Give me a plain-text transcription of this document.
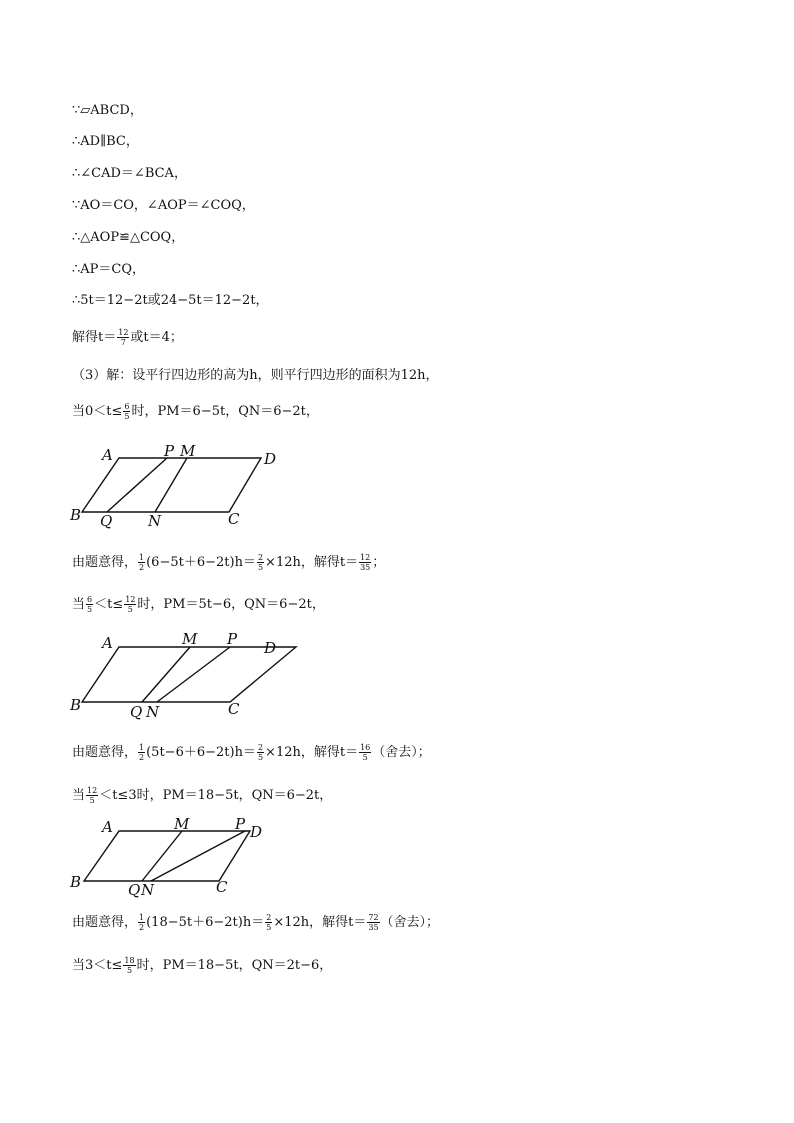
∵▱ABCD，
∴AD∥BC，
∴∠CAD＝∠BCA，
∵AO＝CO，∠AOP＝∠COQ，
∴△AOP≌△COQ，
∴AP＝CQ，
∴5t＝12−2t或24−5t＝12−2t，
解得$t= \frac{12}{7}$ 或t＝4；
（3）解：设平行四边形的高为h，则平行四边形的面积为12h，
当$0<t\le \frac{6}{5}$ 时，PM＝6−5t，QN＝6−2t，
A	P M	D
B Q N	C
由题意得， $\frac{1}{2} (6-5t+6-2t)h= \frac{2}{5} \times 12h$，解得$t= \frac{12}{35}$ ；
当 $\frac{6}{5} <t\le \frac{12}{5}$ 时，PM＝5t−6，QN＝6−2t，
A	M P D
B	Q N	C
由题意得， $\frac{1}{2} (5t-6+6-2t)h= \frac{2}{5} \times 12h$，解得$t= \frac{16}{5}$ （舍去）；
当 $\frac{12}{5} <t\le 3$时，PM＝18−5t，QN＝6−2t，
A	M	P D
B	Q N	C
由题意得， $\frac{1}{2} (18-5t+6-2t)h= \frac{2}{5} \times 12h$，解得$t= \frac{72}{35}$ （舍去）；
当$3<t\le \frac{18}{5}$ 时，PM＝18−5t，QN＝2t−6，
